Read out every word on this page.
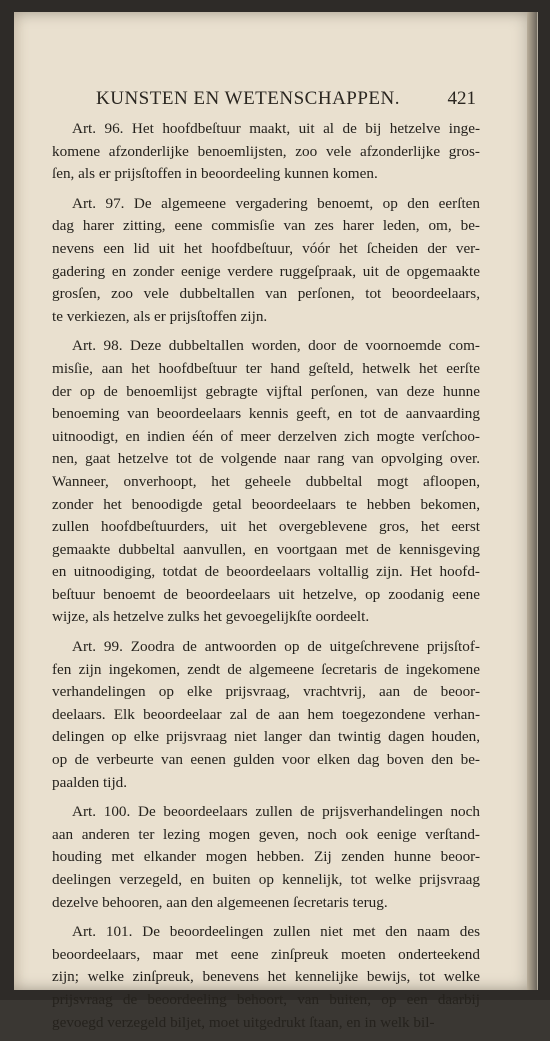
KUNSTEN EN WETENSCHAPPEN. 421
Art. 96. Het hoofdbeſtuur maakt, uit al de bij hetzelve inge-
komene afzonderlijke benoemlijsten, zoo vele afzonderlijke gros-
ſen, als er prijsſtoffen in beoordeeling kunnen komen.
Art. 97. De algemeene vergadering benoemt, op den eerſten
dag harer zitting, eene commisſie van zes harer leden, om, be-
nevens een lid uit het hoofdbeſtuur, vóór het ſcheiden der ver-
gadering en zonder eenige verdere ruggeſpraak, uit de opgemaakte
grosſen, zoo vele dubbeltallen van perſonen, tot beoordeelaars,
te verkiezen, als er prijsſtoffen zijn.
Art. 98. Deze dubbeltallen worden, door de voornoemde com-
misſie, aan het hoofdbeſtuur ter hand geſteld, hetwelk het eerſte
der op de benoemlijst gebragte vijftal perſonen, van deze hunne
benoeming van beoordeelaars kennis geeft, en tot de aanvaarding
uitnoodigt, en indien één of meer derzelven zich mogte verſchoo-
nen, gaat hetzelve tot de volgende naar rang van opvolging over.
Wanneer, onverhoopt, het geheele dubbeltal mogt afloopen,
zonder het benoodigde getal beoordeelaars te hebben bekomen,
zullen hoofdbeſtuurders, uit het overgeblevene gros, het eerst
gemaakte dubbeltal aanvullen, en voortgaan met de kennisgeving
en uitnoodiging, totdat de beoordeelaars voltallig zijn. Het hoofd-
beſtuur benoemt de beoordeelaars uit hetzelve, op zoodanig eene
wijze, als hetzelve zulks het gevoegelijkſte oordeelt.
Art. 99. Zoodra de antwoorden op de uitgeſchrevene prijsſtof-
fen zijn ingekomen, zendt de algemeene ſecretaris de ingekomene
verhandelingen op elke prijsvraag, vrachtvrij, aan de beoor-
deelaars. Elk beoordeelaar zal de aan hem toegezondene verhan-
delingen op elke prijsvraag niet langer dan twintig dagen houden,
op de verbeurte van eenen gulden voor elken dag boven den be-
paalden tijd.
Art. 100. De beoordeelaars zullen de prijsverhandelingen noch
aan anderen ter lezing mogen geven, noch ook eenige verſtand-
houding met elkander mogen hebben. Zij zenden hunne beoor-
deelingen verzegeld, en buiten op kennelijk, tot welke prijsvraag
dezelve behooren, aan den algemeenen ſecretaris terug.
Art. 101. De beoordeelingen zullen niet met den naam des
beoordeelaars, maar met eene zinſpreuk moeten onderteekend
zijn; welke zinſpreuk, benevens het kennelijke bewijs, tot welke
prijsvraag de beoordeeling behoort, van buiten, op een daarbij
gevoegd verzegeld biljet, moet uitgedrukt ſtaan, en in welk bil-
